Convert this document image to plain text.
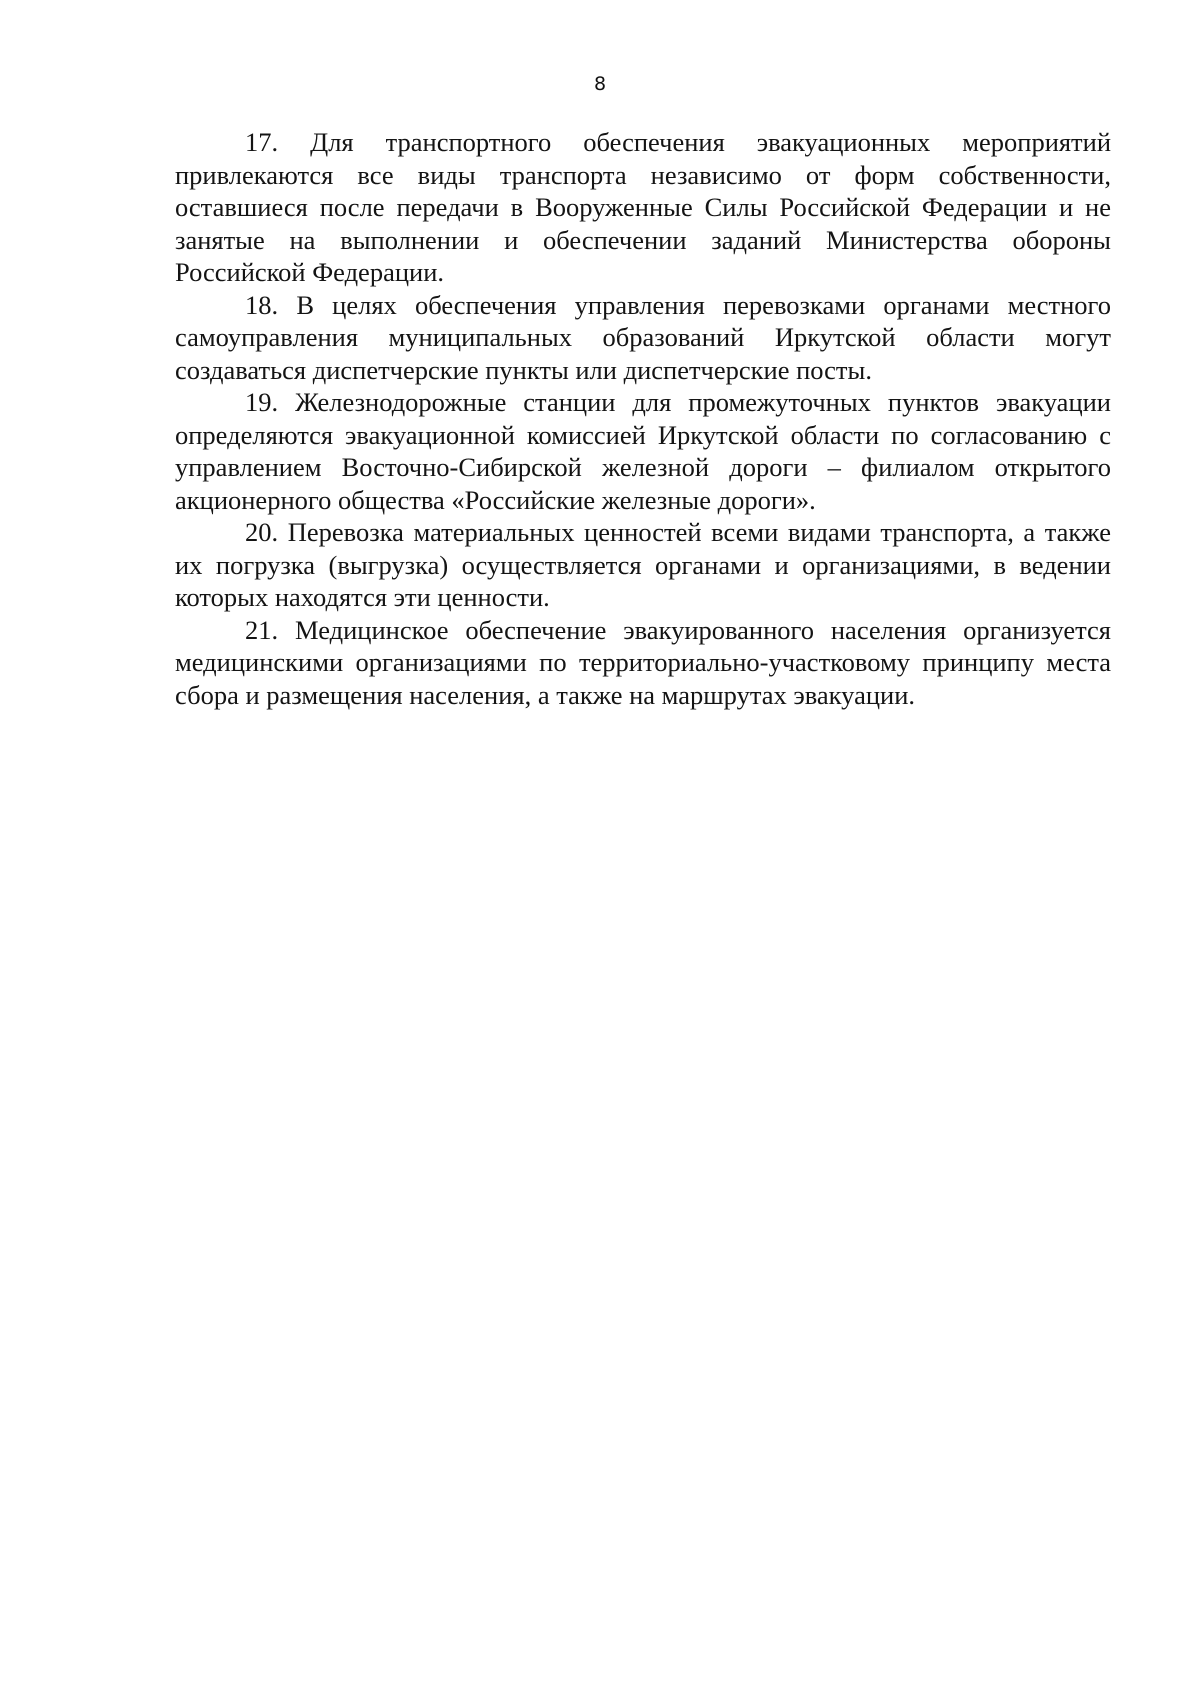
8

17. Для транспортного обеспечения эвакуационных мероприятий привлекаются все виды транспорта независимо от форм собственности, оставшиеся после передачи в Вооруженные Силы Российской Федерации и не занятые на выполнении и обеспечении заданий Министерства обороны Российской Федерации.

18. В целях обеспечения управления перевозками органами местного самоуправления муниципальных образований Иркутской области могут создаваться диспетчерские пункты или диспетчерские посты.

19. Железнодорожные станции для промежуточных пунктов эвакуации определяются эвакуационной комиссией Иркутской области по согласованию с управлением Восточно-Сибирской железной дороги – филиалом открытого акционерного общества «Российские железные дороги».

20. Перевозка материальных ценностей всеми видами транспорта, а также их погрузка (выгрузка) осуществляется органами и организациями, в ведении которых находятся эти ценности.

21. Медицинское обеспечение эвакуированного населения организуется медицинскими организациями по территориально-участковому принципу места сбора и размещения населения, а также на маршрутах эвакуации.
